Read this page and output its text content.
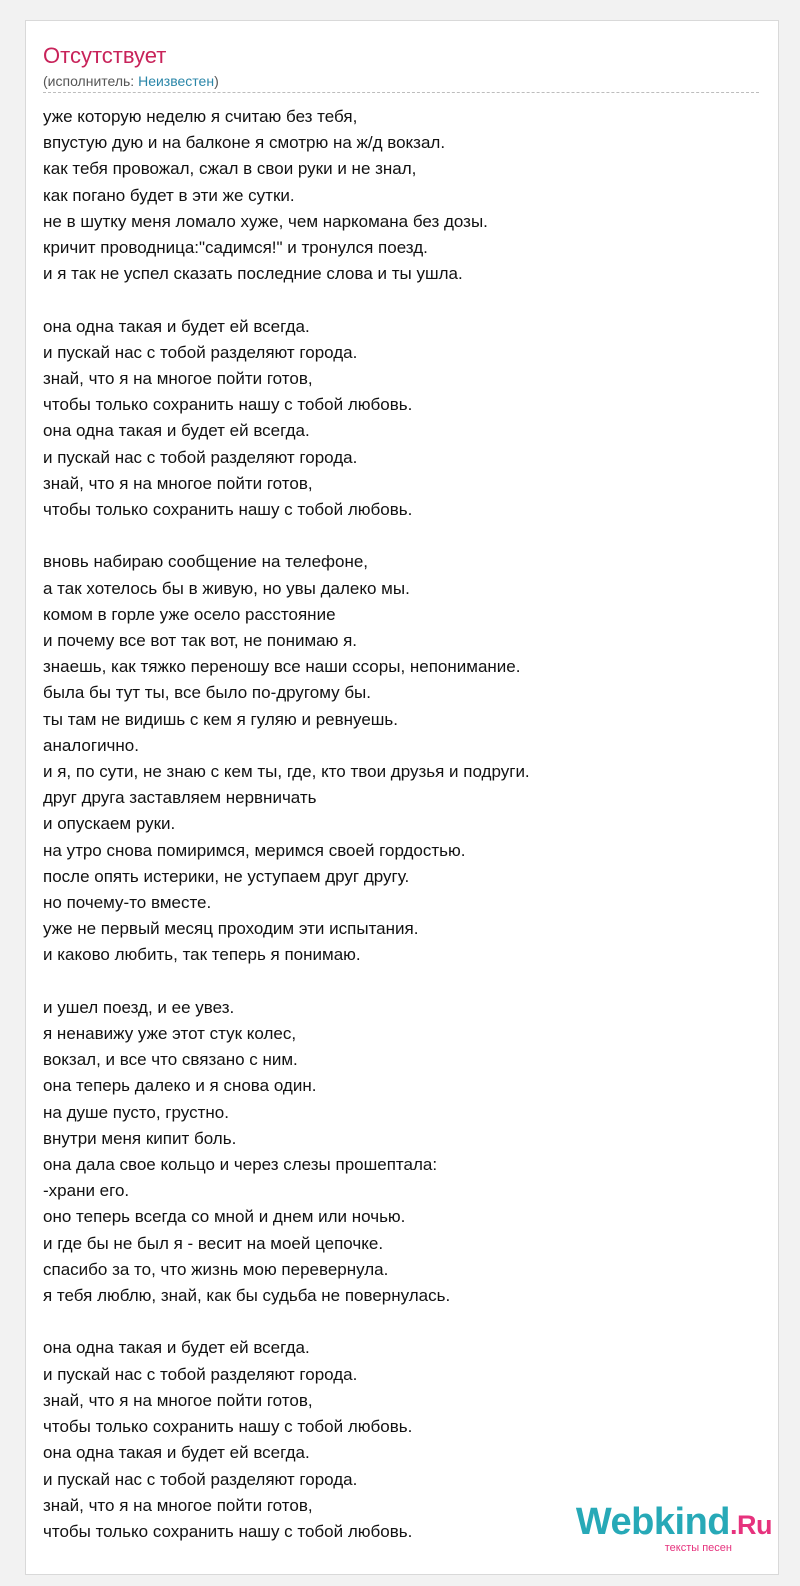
Отсутствует
(исполнитель: Неизвестен)
уже которую неделю я считаю без тебя,
впустую дую и на балконе я смотрю на ж/д вокзал.
как тебя провожал, сжал в свои руки и не знал,
как погано будет в эти же сутки.
не в шутку меня ломало хуже, чем наркомана без дозы.
кричит проводница:"садимся!" и тронулся поезд.
и я так не успел сказать последние слова и ты ушла.
она одна такая и будет ей всегда.
и пускай нас с тобой разделяют города.
знай, что я на многое пойти готов,
чтобы только сохранить нашу с тобой любовь.
она одна такая и будет ей всегда.
и пускай нас с тобой разделяют города.
знай, что я на многое пойти готов,
чтобы только сохранить нашу с тобой любовь.
вновь набираю сообщение на телефоне,
а так хотелось бы в живую, но увы далеко мы.
комом в горле уже осело расстояние
и почему все вот так вот, не понимаю я.
знаешь, как тяжко переношу все наши ссоры, непонимание.
была бы тут ты, все было по-другому бы.
ты там не видишь с кем я гуляю и ревнуешь.
аналогично.
и я, по сути, не знаю с кем ты, где, кто твои друзья и подруги.
друг друга заставляем нервничать
и опускаем руки.
на утро снова помиримся, меримся своей гордостью.
после опять истерики, не уступаем друг другу.
но почему-то вместе.
уже не первый месяц проходим эти испытания.
и каково любить, так теперь я понимаю.
и ушел поезд, и ее увез.
я ненавижу уже этот стук колес,
вокзал, и все что связано с ним.
она теперь далеко и я снова один.
на душе пусто, грустно.
внутри меня кипит боль.
она дала свое кольцо и через слезы прошептала:
-храни его.
оно теперь всегда со мной и днем или ночью.
и где бы не был я - весит на моей цепочке.
спасибо за то, что жизнь мою перевернула.
я тебя люблю, знай, как бы судьба не повернулась.
она одна такая и будет ей всегда.
и пускай нас с тобой разделяют города.
знай, что я на многое пойти готов,
чтобы только сохранить нашу с тобой любовь.
она одна такая и будет ей всегда.
и пускай нас с тобой разделяют города.
знай, что я на многое пойти готов,
чтобы только сохранить нашу с тобой любовь.	Webkind.Ru
тексты песен
